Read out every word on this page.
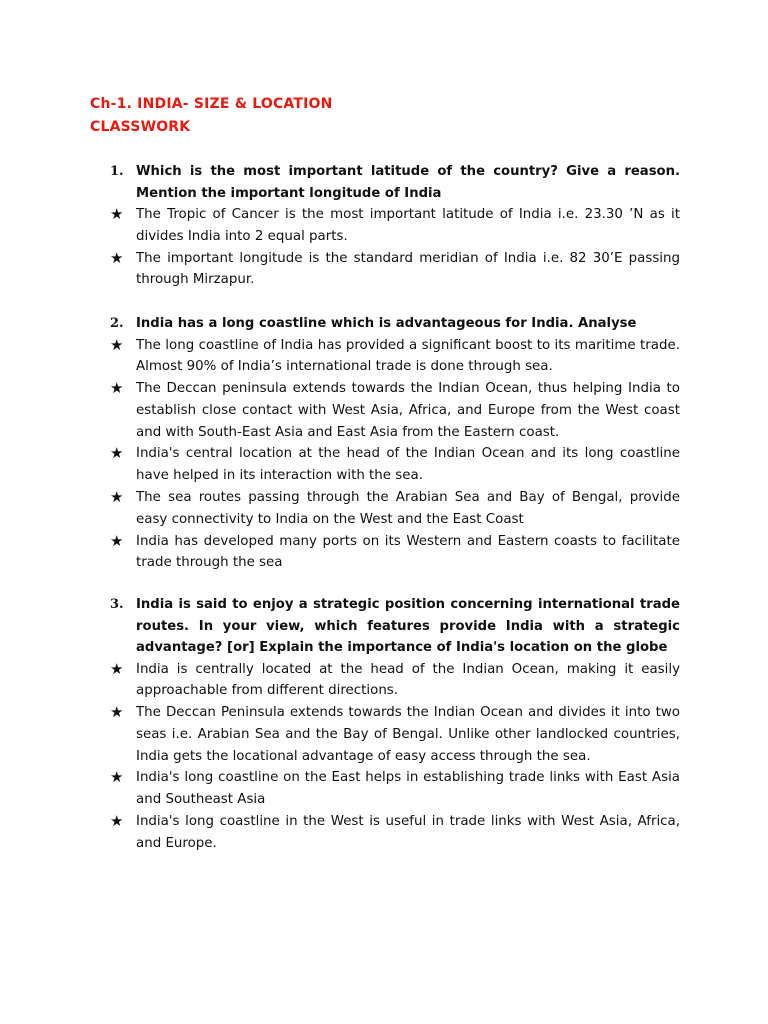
Ch-1. INDIA- SIZE & LOCATION
CLASSWORK
1. Which is the most important latitude of the country? Give a reason. Mention the important longitude of India
★ The Tropic of Cancer is the most important latitude of India i.e. 23.30 ’N as it divides India into 2 equal parts.
★ The important longitude is the standard meridian of India i.e. 82 30’E passing through Mirzapur.
2. India has a long coastline which is advantageous for India. Analyse
★ The long coastline of India has provided a significant boost to its maritime trade. Almost 90% of India’s international trade is done through sea.
★ The Deccan peninsula extends towards the Indian Ocean, thus helping India to establish close contact with West Asia, Africa, and Europe from the West coast and with South-East Asia and East Asia from the Eastern coast.
★ India's central location at the head of the Indian Ocean and its long coastline have helped in its interaction with the sea.
★ The sea routes passing through the Arabian Sea and Bay of Bengal, provide easy connectivity to India on the West and the East Coast
★ India has developed many ports on its Western and Eastern coasts to facilitate trade through the sea
3. India is said to enjoy a strategic position concerning international trade routes. In your view, which features provide India with a strategic advantage? [or] Explain the importance of India's location on the globe
★ India is centrally located at the head of the Indian Ocean, making it easily approachable from different directions.
★ The Deccan Peninsula extends towards the Indian Ocean and divides it into two seas i.e. Arabian Sea and the Bay of Bengal. Unlike other landlocked countries, India gets the locational advantage of easy access through the sea.
★ India's long coastline on the East helps in establishing trade links with East Asia and Southeast Asia
★ India's long coastline in the West is useful in trade links with West Asia, Africa, and Europe.
